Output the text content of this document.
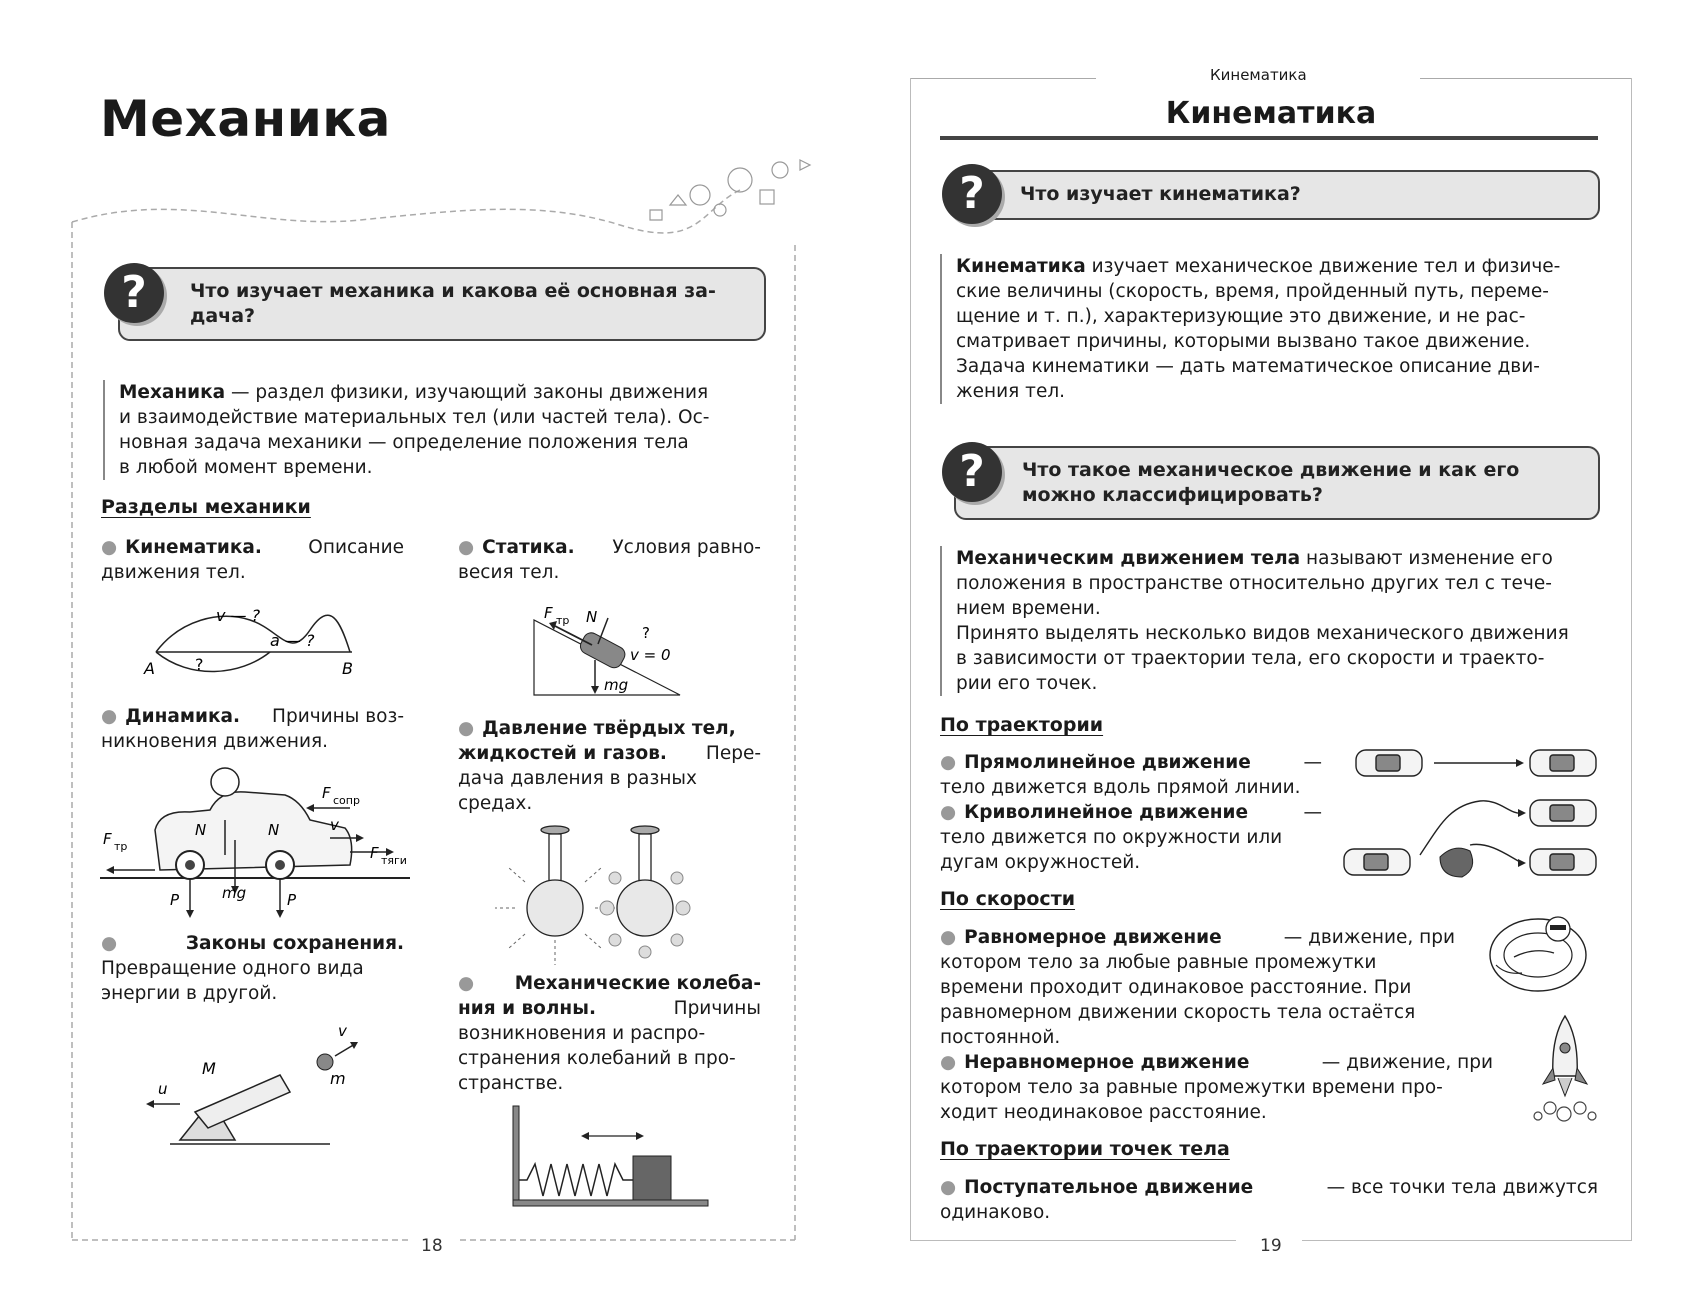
Механика
Что изучает механика и какова её основная за-
дача?
?
Механика — раздел физики, изучающий законы движения
и взаимодействие материальных тел (или частей тела). Ос-
новная задача механики — определение положения тела
в любой момент времени.
Разделы механики
● Кинематика.	Описание
движения тел.
v — ?
a — ?
?
A	B
● Динамика. Причины воз-
никновения движения.
F сопр
F тр
N	N	v
F тяги
P	P
mg
●	Законы сохранения.
Превращение одного вида
энергии в другой.
M
m
u
v
● Статика. Условия равно-
весия тел.
F тр N
?
v = 0
mg
● Давление твёрдых тел,
жидкостей и газов. Пере-
дача давления в разных
средах.
●	Механические колеба-
ния и волны.	Причины
возникновения и распро-
странения колебаний в про-
странстве.
18
Кинематика
Кинематика
Что изучает кинематика?
?
Кинематика изучает механическое движение тел и физиче-
ские величины (скорость, время, пройденный путь, переме-
щение и т. п.), характеризующие это движение, и не рас-
сматривает причины, которыми вызвано такое движение.
Задача кинематики — дать математическое описание дви-
жения тел.
Что такое механическое движение и как его
можно классифицировать?
?
Механическим движением тела называют изменение его
положения в пространстве относительно других тел с тече-
нием времени.
Принято выделять несколько видов механического движения
в зависимости от траектории тела, его скорости и траекто-
рии его точек.
По траектории
● Прямолинейное движение	—
тело движется вдоль прямой линии.
● Криволинейное движение	—
тело движется по окружности или
дугам окружностей.
По скорости
● Равномерное движение	— движение, при
котором тело за любые равные промежутки
времени проходит одинаковое расстояние. При
равномерном движении скорость тела остаётся
постоянной.
● Неравномерное движение	— движение, при
котором тело за равные промежутки времени про-
ходит неодинаковое расстояние.
По траектории точек тела
● Поступательное движение	— все точки тела движутся
одинаково.
19
